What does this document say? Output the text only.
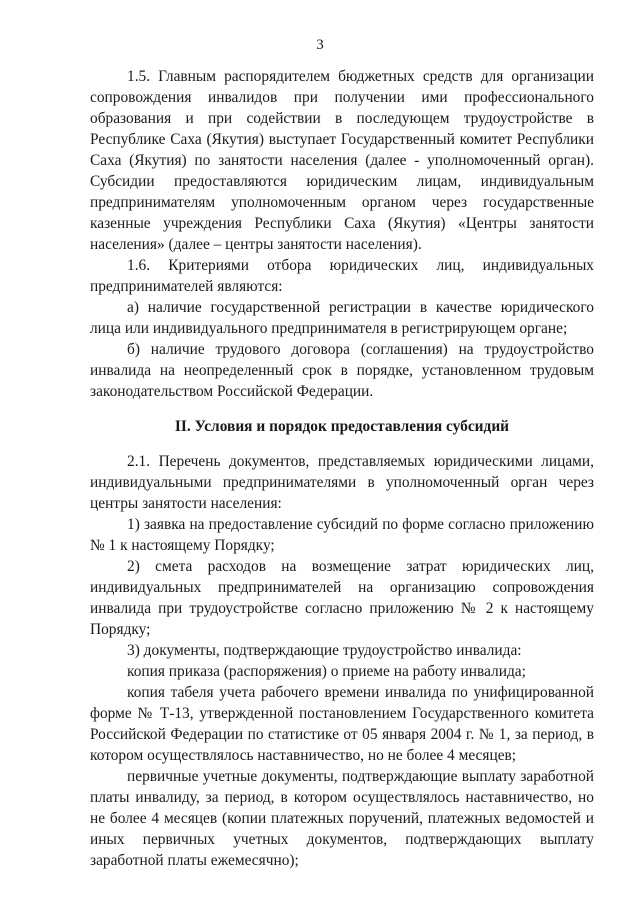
3

1.5. Главным распорядителем бюджетных средств для организации сопровождения инвалидов при получении ими профессионального образования и при содействии в последующем трудоустройстве в Республике Саха (Якутия) выступает Государственный комитет Республики Саха (Якутия) по занятости населения (далее - уполномоченный орган). Субсидии предоставляются юридическим лицам, индивидуальным предпринимателям уполномоченным органом через государственные казенные учреждения Республики Саха (Якутия) «Центры занятости населения» (далее – центры занятости населения).

1.6. Критериями отбора юридических лиц, индивидуальных предпринимателей являются:

а) наличие государственной регистрации в качестве юридического лица или индивидуального предпринимателя в регистрирующем органе;

б) наличие трудового договора (соглашения) на трудоустройство инвалида на неопределенный срок в порядке, установленном трудовым законодательством Российской Федерации.

II. Условия и порядок предоставления субсидий

2.1. Перечень документов, представляемых юридическими лицами, индивидуальными предпринимателями в уполномоченный орган через центры занятости населения:

1) заявка на предоставление субсидий по форме согласно приложению № 1 к настоящему Порядку;

2) смета расходов на возмещение затрат юридических лиц, индивидуальных предпринимателей на организацию сопровождения инвалида при трудоустройстве согласно приложению № 2 к настоящему Порядку;

3) документы, подтверждающие трудоустройство инвалида:

копия приказа (распоряжения) о приеме на работу инвалида;

копия табеля учета рабочего времени инвалида по унифицированной форме № Т-13, утвержденной постановлением Государственного комитета Российской Федерации по статистике от 05 января 2004 г. № 1, за период, в котором осуществлялось наставничество, но не более 4 месяцев;

первичные учетные документы, подтверждающие выплату заработной платы инвалиду, за период, в котором осуществлялось наставничество, но не более 4 месяцев (копии платежных поручений, платежных ведомостей и иных первичных учетных документов, подтверждающих выплату заработной платы ежемесячно);
